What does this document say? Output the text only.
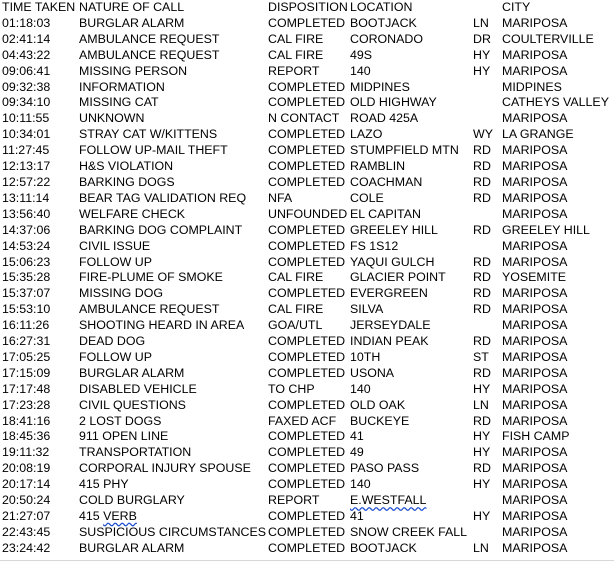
TIME TAKEN	NATURE OF CALL	DISPOSITION	LOCATION		CITY
01:18:03	BURGLAR ALARM	COMPLETED	BOOTJACK	LN	MARIPOSA
02:41:14	AMBULANCE REQUEST	CAL FIRE	CORONADO	DR	COULTERVILLE
04:43:22	AMBULANCE REQUEST	CAL FIRE	49S	HY	MARIPOSA
09:06:41	MISSING PERSON	REPORT	140	HY	MARIPOSA
09:32:38	INFORMATION	COMPLETED	MIDPINES		MIDPINES
09:34:10	MISSING CAT	COMPLETED	OLD HIGHWAY		CATHEYS VALLEY
10:11:55	UNKNOWN	N CONTACT	ROAD 425A		MARIPOSA
10:34:01	STRAY CAT W/KITTENS	COMPLETED	LAZO	WY	LA GRANGE
11:27:45	FOLLOW UP-MAIL THEFT	COMPLETED	STUMPFIELD MTN	RD	MARIPOSA
12:13:17	H&S VIOLATION	COMPLETED	RAMBLIN	RD	MARIPOSA
12:57:22	BARKING DOGS	COMPLETED	COACHMAN	RD	MARIPOSA
13:11:14	BEAR TAG VALIDATION REQ	NFA	COLE	RD	MARIPOSA
13:56:40	WELFARE CHECK	UNFOUNDED	EL CAPITAN		MARIPOSA
14:37:06	BARKING DOG COMPLAINT	COMPLETED	GREELEY HILL	RD	GREELEY HILL
14:53:24	CIVIL ISSUE	COMPLETED	FS 1S12		MARIPOSA
15:06:23	FOLLOW UP	COMPLETED	YAQUI GULCH	RD	MARIPOSA
15:35:28	FIRE-PLUME OF SMOKE	CAL FIRE	GLACIER POINT	RD	YOSEMITE
15:37:07	MISSING DOG	COMPLETED	EVERGREEN	RD	MARIPOSA
15:53:10	AMBULANCE REQUEST	CAL FIRE	SILVA	RD	MARIPOSA
16:11:26	SHOOTING HEARD IN AREA	GOA/UTL	JERSEYDALE		MARIPOSA
16:27:31	DEAD DOG	COMPLETED	INDIAN PEAK	RD	MARIPOSA
17:05:25	FOLLOW UP	COMPLETED	10TH	ST	MARIPOSA
17:15:09	BURGLAR ALARM	COMPLETED	USONA	RD	MARIPOSA
17:17:48	DISABLED VEHICLE	TO CHP	140	HY	MARIPOSA
17:23:28	CIVIL QUESTIONS	COMPLETED	OLD OAK	LN	MARIPOSA
18:41:16	2 LOST DOGS	FAXED ACF	BUCKEYE	RD	MARIPOSA
18:45:36	911 OPEN LINE	COMPLETED	41	HY	FISH CAMP
19:11:32	TRANSPORTATION	COMPLETED	49	HY	MARIPOSA
20:08:19	CORPORAL INJURY SPOUSE	COMPLETED	PASO PASS	RD	MARIPOSA
20:17:14	415 PHY	COMPLETED	140	HY	MARIPOSA
20:50:24	COLD BURGLARY	REPORT	E.WESTFALL		MARIPOSA
21:27:07	415 VERB	COMPLETED	41	HY	MARIPOSA
22:43:45	SUSPICIOUS CIRCUMSTANCES	COMPLETED	SNOW CREEK FALL		MARIPOSA
23:24:42	BURGLAR ALARM	COMPLETED	BOOTJACK	LN	MARIPOSA
